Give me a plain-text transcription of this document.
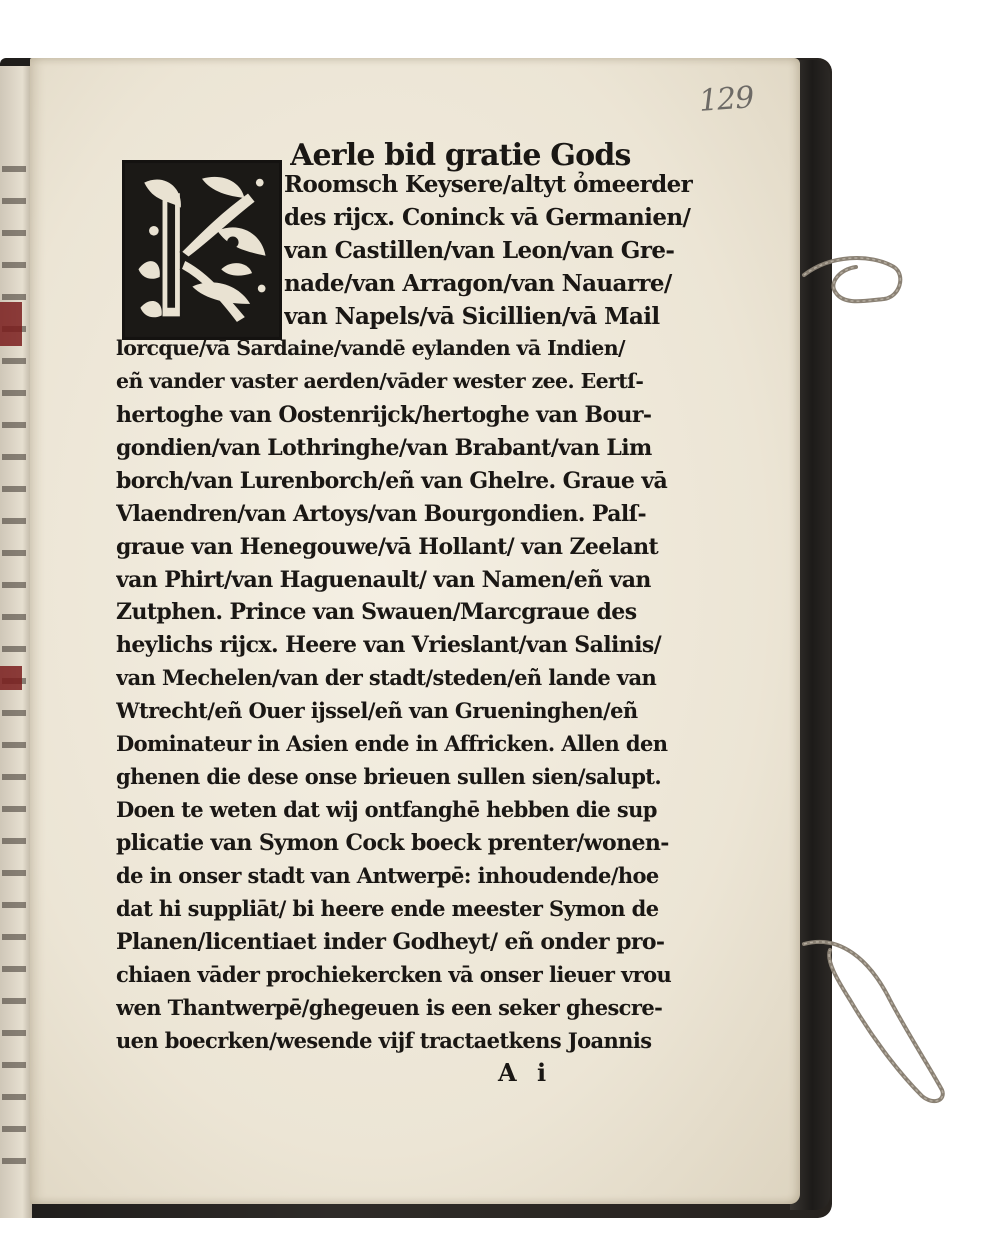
129
Aerle bid gratie Gods
Roomsch Keysere/altyt ỏmeerder
des rijcx. Coninck vā Germanien/
van Castillen/van Leon/van Gre-
nade/van Arragon/van Nauarre/
van Napels/vā Sicillien/vā Mail
lorcque/vā Sardaine/vandē eylanden vā Indien/
eñ vander vaster aerden/vāder wester zee. Eertſ-
hertoghe van Oostenrijck/hertoghe van Bour-
gondien/van Lothringhe/van Brabant/van Lim
borch/van Lurenborch/eñ van Ghelre. Graue vā
Vlaendren/van Artoys/van Bourgondien. Palſ-
graue van Henegouwe/vā Hollant/ van Zeelant
van Phirt/van Haguenault/ van Namen/eñ van
Zutphen. Prince van Swauen/Marcgraue des
heylichs rijcx. Heere van Vrieslant/van Salinis/
van Mechelen/van der stadt/steden/eñ lande van
Wtrecht/eñ Ouer ijssel/eñ van Grueninghen/eñ
Dominateur in Asien ende in Affricken. Allen den
ghenen die dese onse brieuen sullen sien/salupt.
Doen te weten dat wij ontfanghē hebben die sup
plicatie van Symon Cock boeck prenter/wonen-
de in onser stadt van Antwerpē: inhoudende/hoe
dat hi suppliāt/ bi heere ende meester Symon de
Planen/licentiaet inder Godheyt/ eñ onder pro-
chiaen vāder prochiekercken vā onser lieuer vrou
wen Thantwerpē/ghegeuen is een seker ghescre-
uen boecrken/wesende vijf tractaetkens Joannis
A i
